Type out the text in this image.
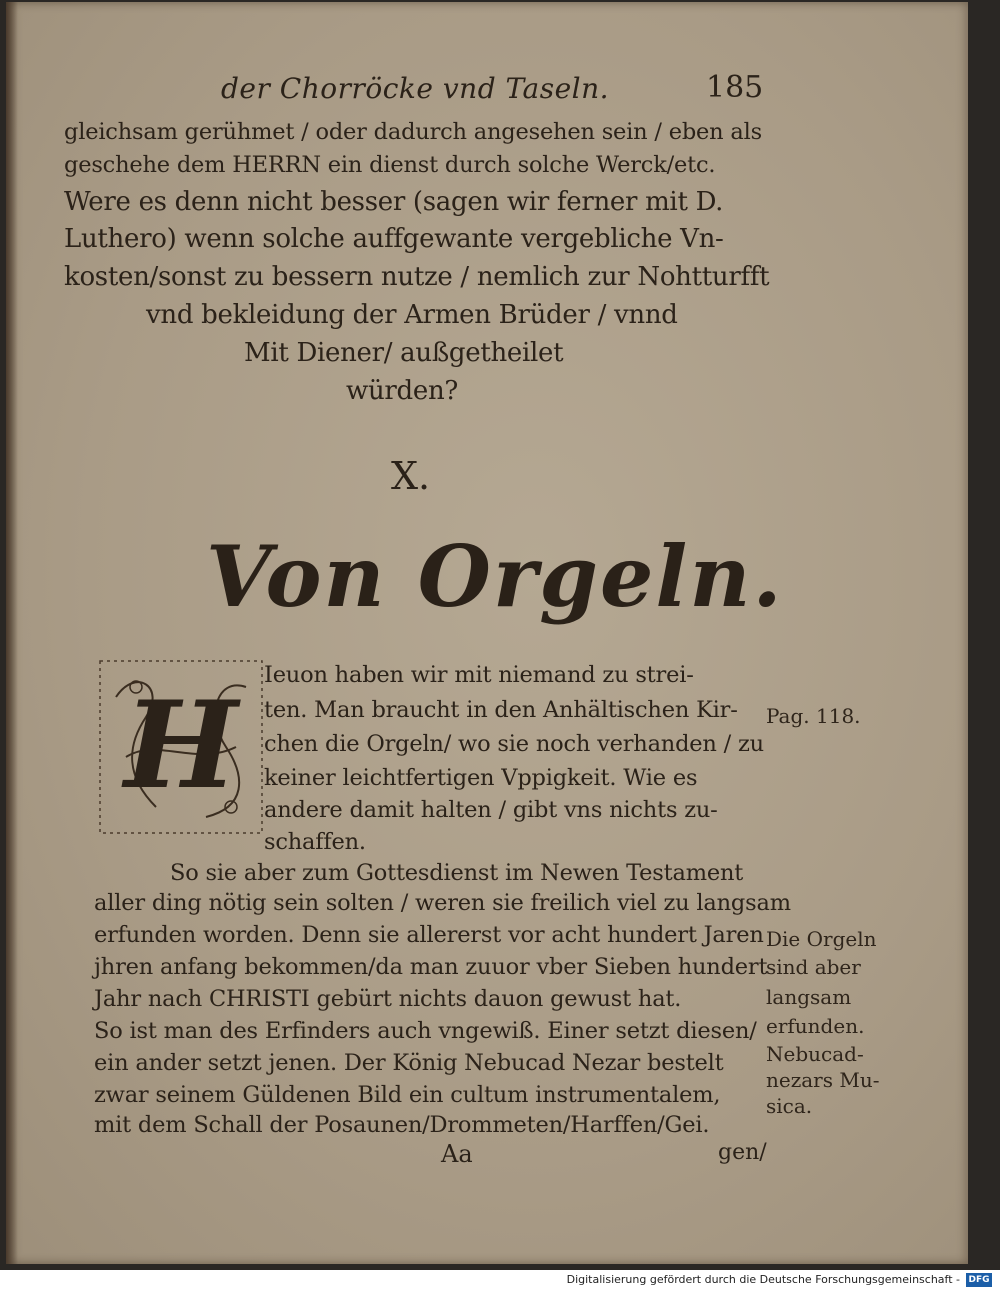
der Chorröcke vnd Taseln.	185
gleichsam gerühmet / oder dadurch angesehen sein / eben als
geschehe dem HERRN ein dienst durch solche Werck/etc.
Were es denn nicht besser (sagen wir ferner mit D.
Luthero) wenn solche auffgewante vergebliche Vn-
kosten/sonst zu bessern nutze / nemlich zur Nohtturfft
vnd bekleidung der Armen Brüder / vnnd
Mit Diener/ außgetheilet
würden?
X.
Von Orgeln.
H Ieuon haben wir mit niemand zu strei-
ten. Man braucht in den Anhältischen Kir-
chen die Orgeln/ wo sie noch verhanden / zu
keiner leichtfertigen Vppigkeit. Wie es
andere damit halten / gibt vns nichts zu-
schaffen.
So sie aber zum Gottesdienst im Newen Testament
aller ding nötig sein solten / weren sie freilich viel zu langsam
erfunden worden. Denn sie allererst vor acht hundert Jaren
jhren anfang bekommen/da man zuuor vber Sieben hundert
Jahr nach CHRISTI gebürt nichts dauon gewust hat.
So ist man des Erfinders auch vngewiß. Einer setzt diesen/
ein ander setzt jenen. Der König Nebucad Nezar bestelt
zwar seinem Güldenen Bild ein cultum instrumentalem,
mit dem Schall der Posaunen/Drommeten/Harffen/Gei.
Pag. 118.
Die Orgeln
sind aber
langsam
erfunden.
Nebucad-
nezars Mu-
sica.
Aa	gen/
Digitalisierung gefördert durch die Deutsche Forschungsgemeinschaft - DFG
